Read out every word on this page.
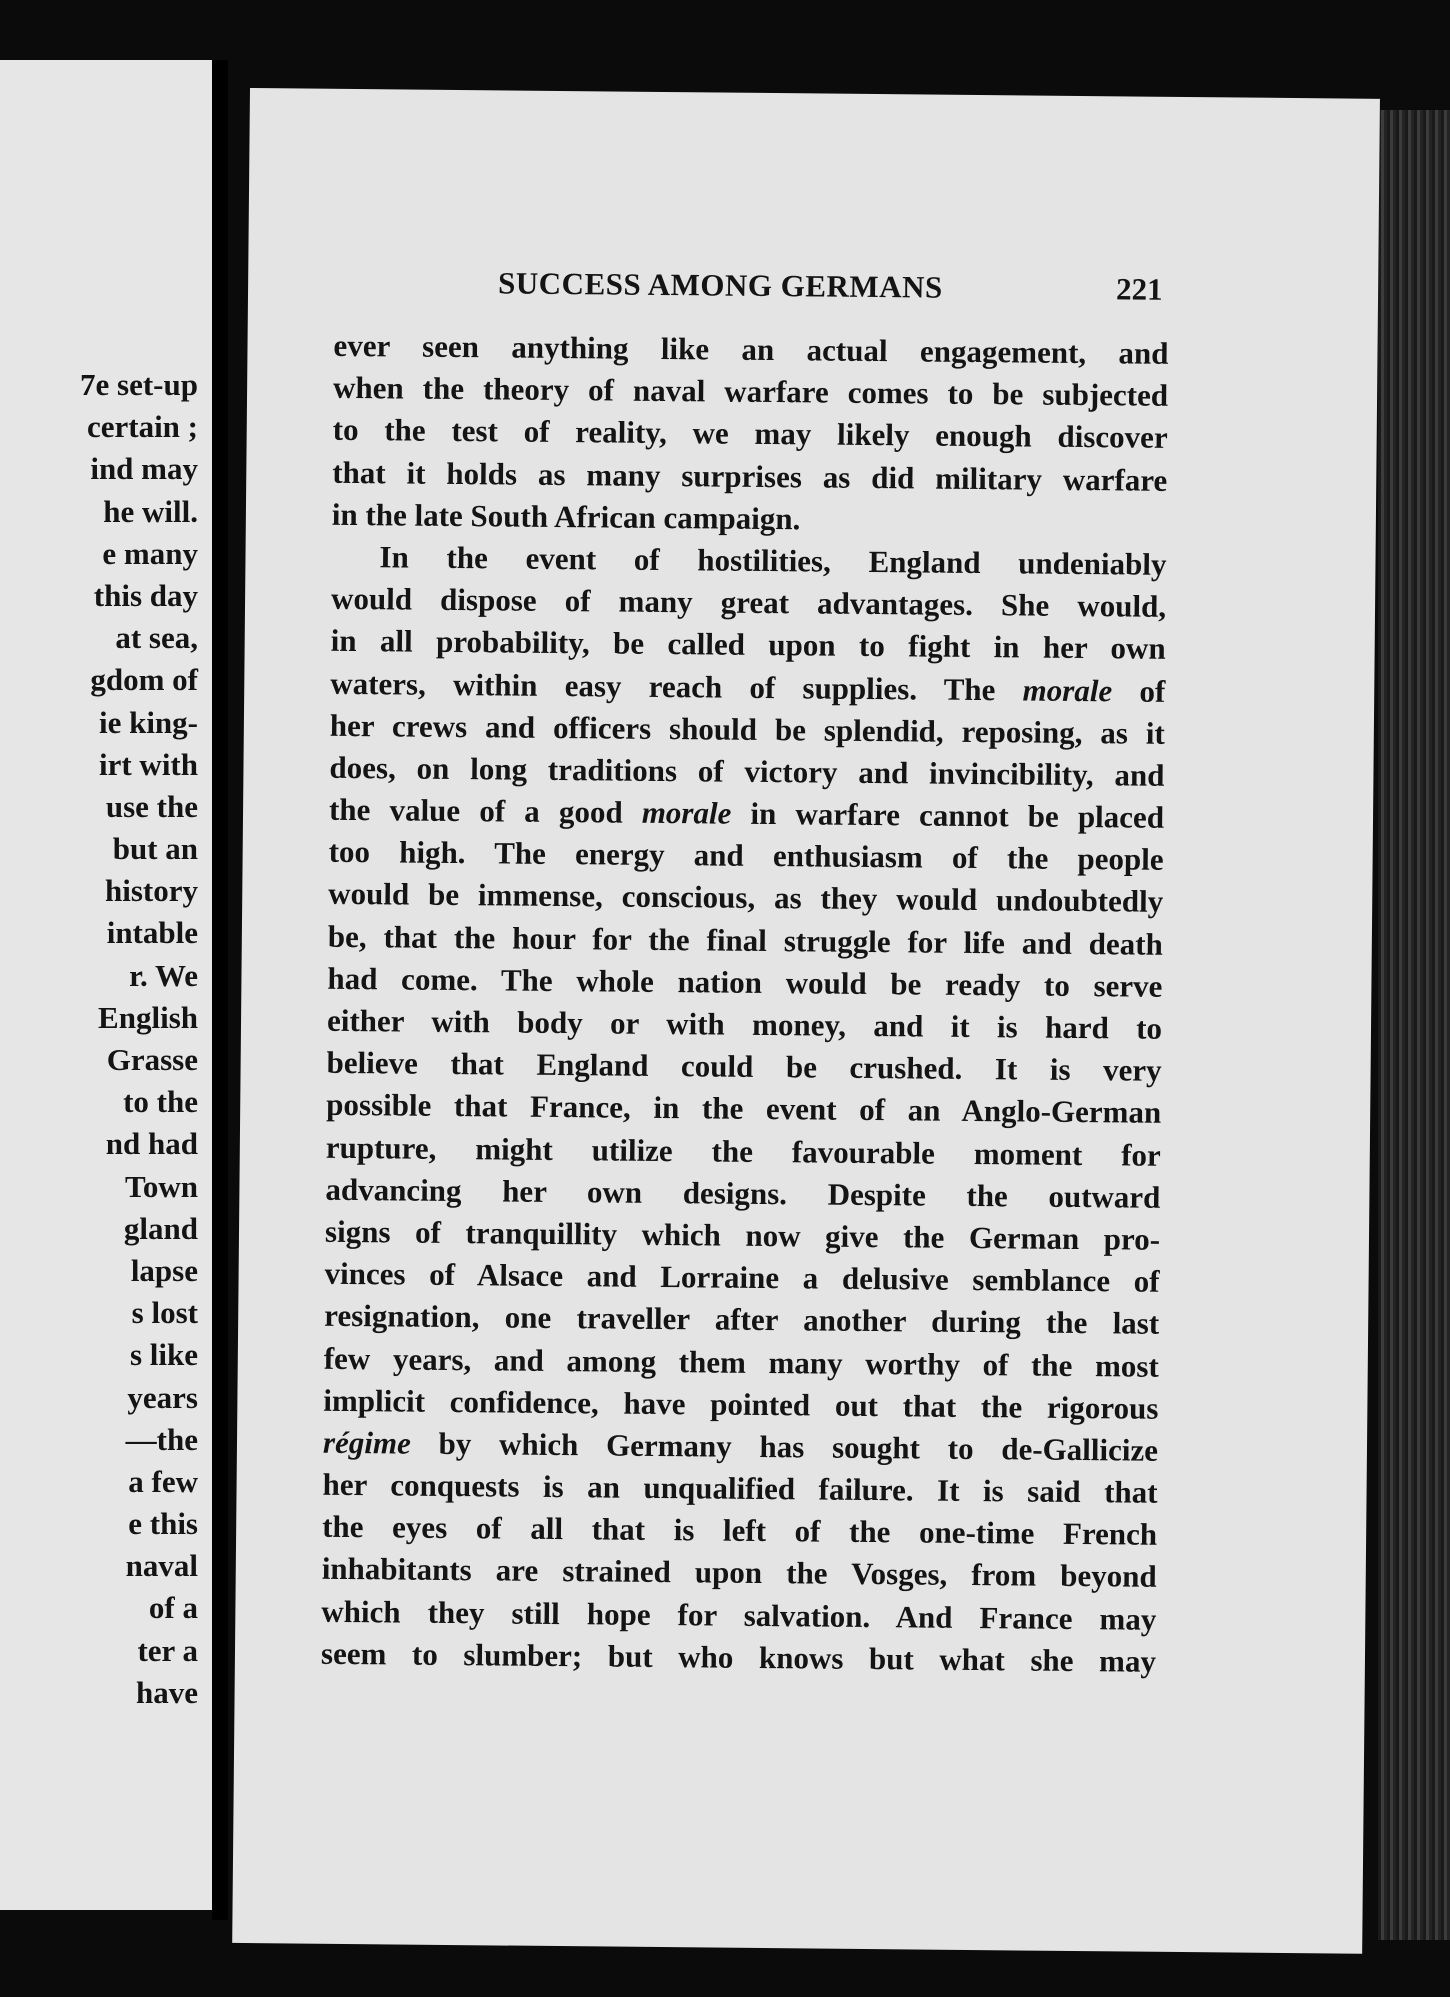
7e set-up
certain ;
ind may
he will.
e many
this day
at sea,
gdom of
ie king-
irt with
use the
but an
history
intable
r. We
English
Grasse
to the
nd had
Town
gland
lapse
s lost
s like
years
—the
a few
e this
naval
of a
ter a
have
SUCCESS AMONG GERMANS	221
ever seen anything like an actual engagement, and
when the theory of naval warfare comes to be subjected
to the test of reality, we may likely enough discover
that it holds as many surprises as did military warfare
in the late South African campaign.
In the event of hostilities, England undeniably
would dispose of many great advantages. She would,
in all probability, be called upon to fight in her own
waters, within easy reach of supplies. The morale of
her crews and officers should be splendid, reposing, as it
does, on long traditions of victory and invincibility, and
the value of a good morale in warfare cannot be placed
too high. The energy and enthusiasm of the people
would be immense, conscious, as they would undoubtedly
be, that the hour for the final struggle for life and death
had come. The whole nation would be ready to serve
either with body or with money, and it is hard to
believe that England could be crushed. It is very
possible that France, in the event of an Anglo-German
rupture, might utilize the favourable moment for
advancing her own designs. Despite the outward
signs of tranquillity which now give the German pro-
vinces of Alsace and Lorraine a delusive semblance of
resignation, one traveller after another during the last
few years, and among them many worthy of the most
implicit confidence, have pointed out that the rigorous
régime by which Germany has sought to de-Gallicize
her conquests is an unqualified failure. It is said that
the eyes of all that is left of the one-time French
inhabitants are strained upon the Vosges, from beyond
which they still hope for salvation. And France may
seem to slumber; but who knows but what she may
